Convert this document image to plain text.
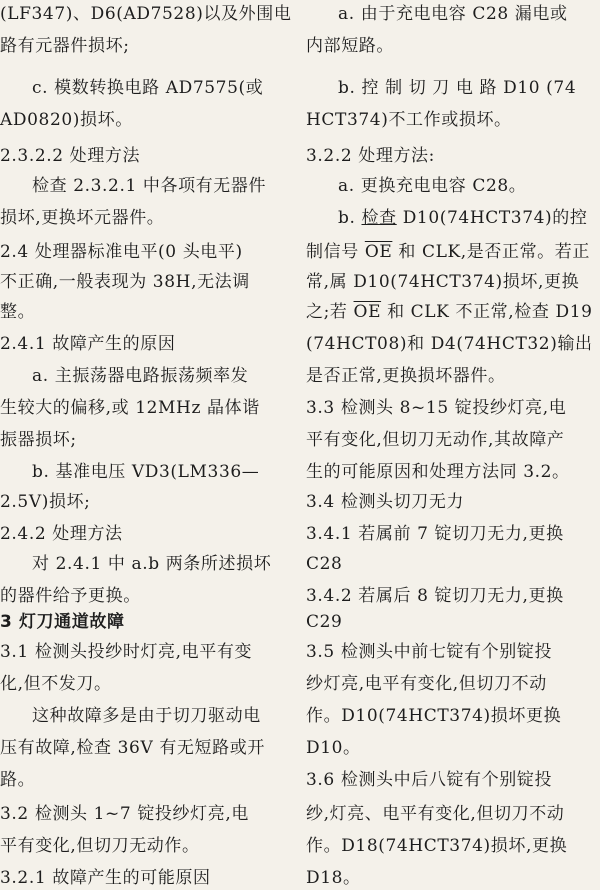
(LF347)、D6(AD7528)以及外围电
路有元器件损坏;
c. 模数转换电路 AD7575(或
AD0820)损坏。
2.3.2.2 处理方法
检查 2.3.2.1 中各项有无器件
损坏,更换坏元器件。
2.4 处理器标准电平(0 头电平)
不正确,一般表现为 38H,无法调
整。
2.4.1 故障产生的原因
a. 主振荡器电路振荡频率发
生较大的偏移,或 12MHz 晶体谐
振器损坏;
b. 基准电压 VD3(LM336—
2.5V)损坏;
2.4.2 处理方法
对 2.4.1 中 a.b 两条所述损坏
的器件给予更换。
3 灯刀通道故障
3.1 检测头投纱时灯亮,电平有变
化,但不发刀。
这种故障多是由于切刀驱动电
压有故障,检查 36V 有无短路或开
路。
3.2 检测头 1~7 锭投纱灯亮,电
平有变化,但切刀无动作。
3.2.1 故障产生的可能原因
a. 由于充电电容 C28 漏电或
内部短路。
b. 控 制 切 刀 电 路 D10 (74
HCT374)不工作或损坏。
3.2.2 处理方法:
a. 更换充电电容 C28。
b. 检查 D10(74HCT374)的控
制信号 $\overline{OE}$ 和 CLK,是否正常。若正
常,属 D10(74HCT374)损坏,更换
之;若 $\overline{OE}$ 和 CLK 不正常,检查 D19
(74HCT08)和 D4(74HCT32)输出
是否正常,更换损坏器件。
3.3 检测头 8~15 锭投纱灯亮,电
平有变化,但切刀无动作,其故障产
生的可能原因和处理方法同 3.2。
3.4 检测头切刀无力
3.4.1 若属前 7 锭切刀无力,更换
C28
3.4.2 若属后 8 锭切刀无力,更换
C29
3.5 检测头中前七锭有个别锭投
纱灯亮,电平有变化,但切刀不动
作。D10(74HCT374)损坏更换
D10。
3.6 检测头中后八锭有个别锭投
纱,灯亮、电平有变化,但切刀不动
作。D18(74HCT374)损坏,更换
D18。
